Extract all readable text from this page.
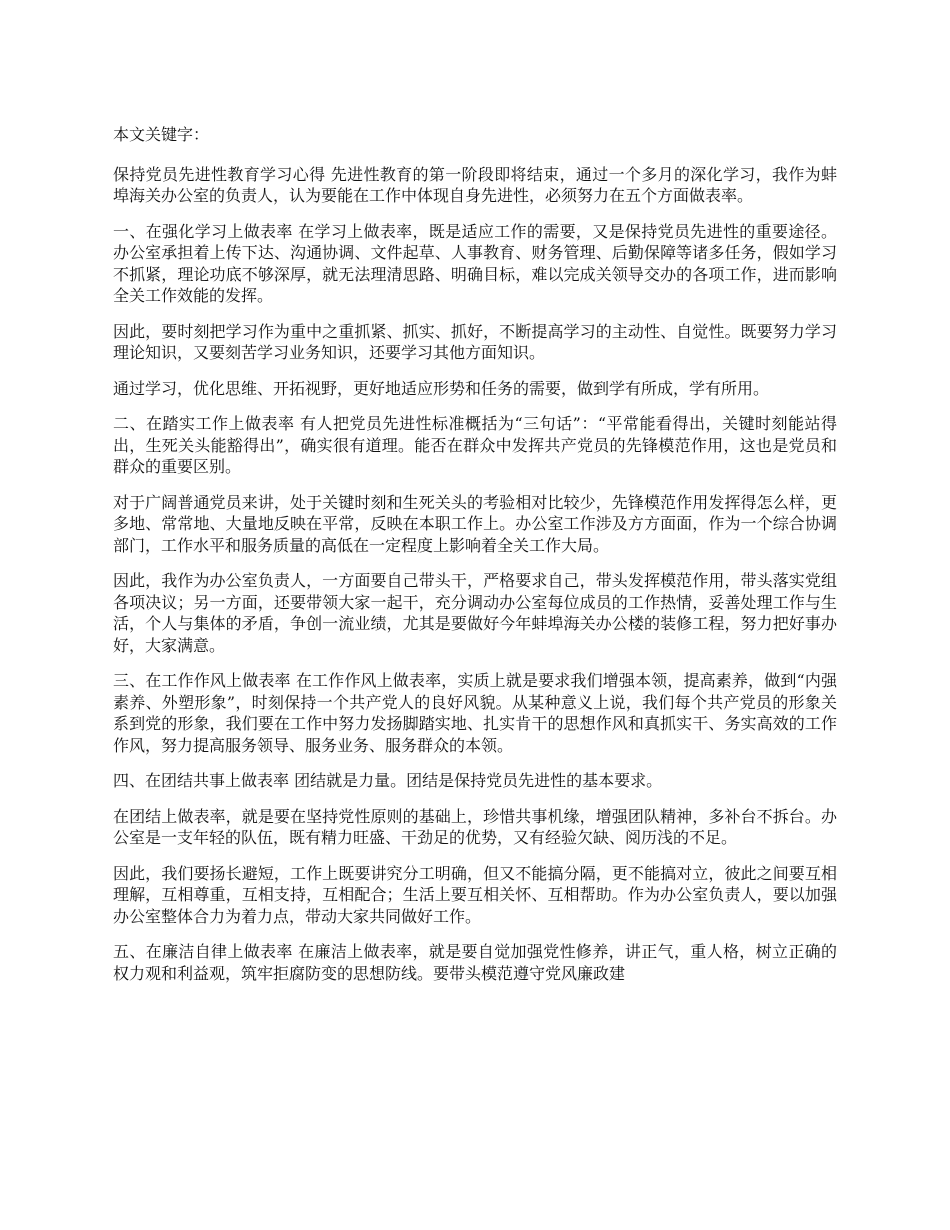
本文关键字：

保持党员先进性教育学习心得 先进性教育的第一阶段即将结束，通过一个多月的深化学习，我作为蚌埠海关办公室的负责人，认为要能在工作中体现自身先进性，必须努力在五个方面做表率。

一、在强化学习上做表率 在学习上做表率，既是适应工作的需要，又是保持党员先进性的重要途径。办公室承担着上传下达、沟通协调、文件起草、人事教育、财务管理、后勤保障等诸多任务，假如学习不抓紧，理论功底不够深厚，就无法理清思路、明确目标，难以完成关领导交办的各项工作，进而影响全关工作效能的发挥。

因此，要时刻把学习作为重中之重抓紧、抓实、抓好，不断提高学习的主动性、自觉性。既要努力学习理论知识，又要刻苦学习业务知识，还要学习其他方面知识。

通过学习，优化思维、开拓视野，更好地适应形势和任务的需要，做到学有所成，学有所用。

二、在踏实工作上做表率 有人把党员先进性标准概括为“三句话”：“平常能看得出，关键时刻能站得出，生死关头能豁得出”，确实很有道理。能否在群众中发挥共产党员的先锋模范作用，这也是党员和群众的重要区别。

对于广阔普通党员来讲，处于关键时刻和生死关头的考验相对比较少，先锋模范作用发挥得怎么样，更多地、常常地、大量地反映在平常，反映在本职工作上。办公室工作涉及方方面面，作为一个综合协调部门，工作水平和服务质量的高低在一定程度上影响着全关工作大局。

因此，我作为办公室负责人，一方面要自己带头干，严格要求自己，带头发挥模范作用，带头落实党组各项决议；另一方面，还要带领大家一起干，充分调动办公室每位成员的工作热情，妥善处理工作与生活，个人与集体的矛盾，争创一流业绩，尤其是要做好今年蚌埠海关办公楼的装修工程，努力把好事办好，大家满意。

三、在工作作风上做表率 在工作作风上做表率，实质上就是要求我们增强本领，提高素养，做到“内强素养、外塑形象”，时刻保持一个共产党人的良好风貌。从某种意义上说，我们每个共产党员的形象关系到党的形象，我们要在工作中努力发扬脚踏实地、扎实肯干的思想作风和真抓实干、务实高效的工作作风，努力提高服务领导、服务业务、服务群众的本领。

四、在团结共事上做表率 团结就是力量。团结是保持党员先进性的基本要求。

在团结上做表率，就是要在坚持党性原则的基础上，珍惜共事机缘，增强团队精神，多补台不拆台。办公室是一支年轻的队伍，既有精力旺盛、干劲足的优势，又有经验欠缺、阅历浅的不足。

因此，我们要扬长避短，工作上既要讲究分工明确，但又不能搞分隔，更不能搞对立，彼此之间要互相理解，互相尊重，互相支持，互相配合；生活上要互相关怀、互相帮助。作为办公室负责人，要以加强办公室整体合力为着力点，带动大家共同做好工作。

五、在廉洁自律上做表率 在廉洁上做表率，就是要自觉加强党性修养，讲正气，重人格，树立正确的权力观和利益观，筑牢拒腐防变的思想防线。要带头模范遵守党风廉政建
